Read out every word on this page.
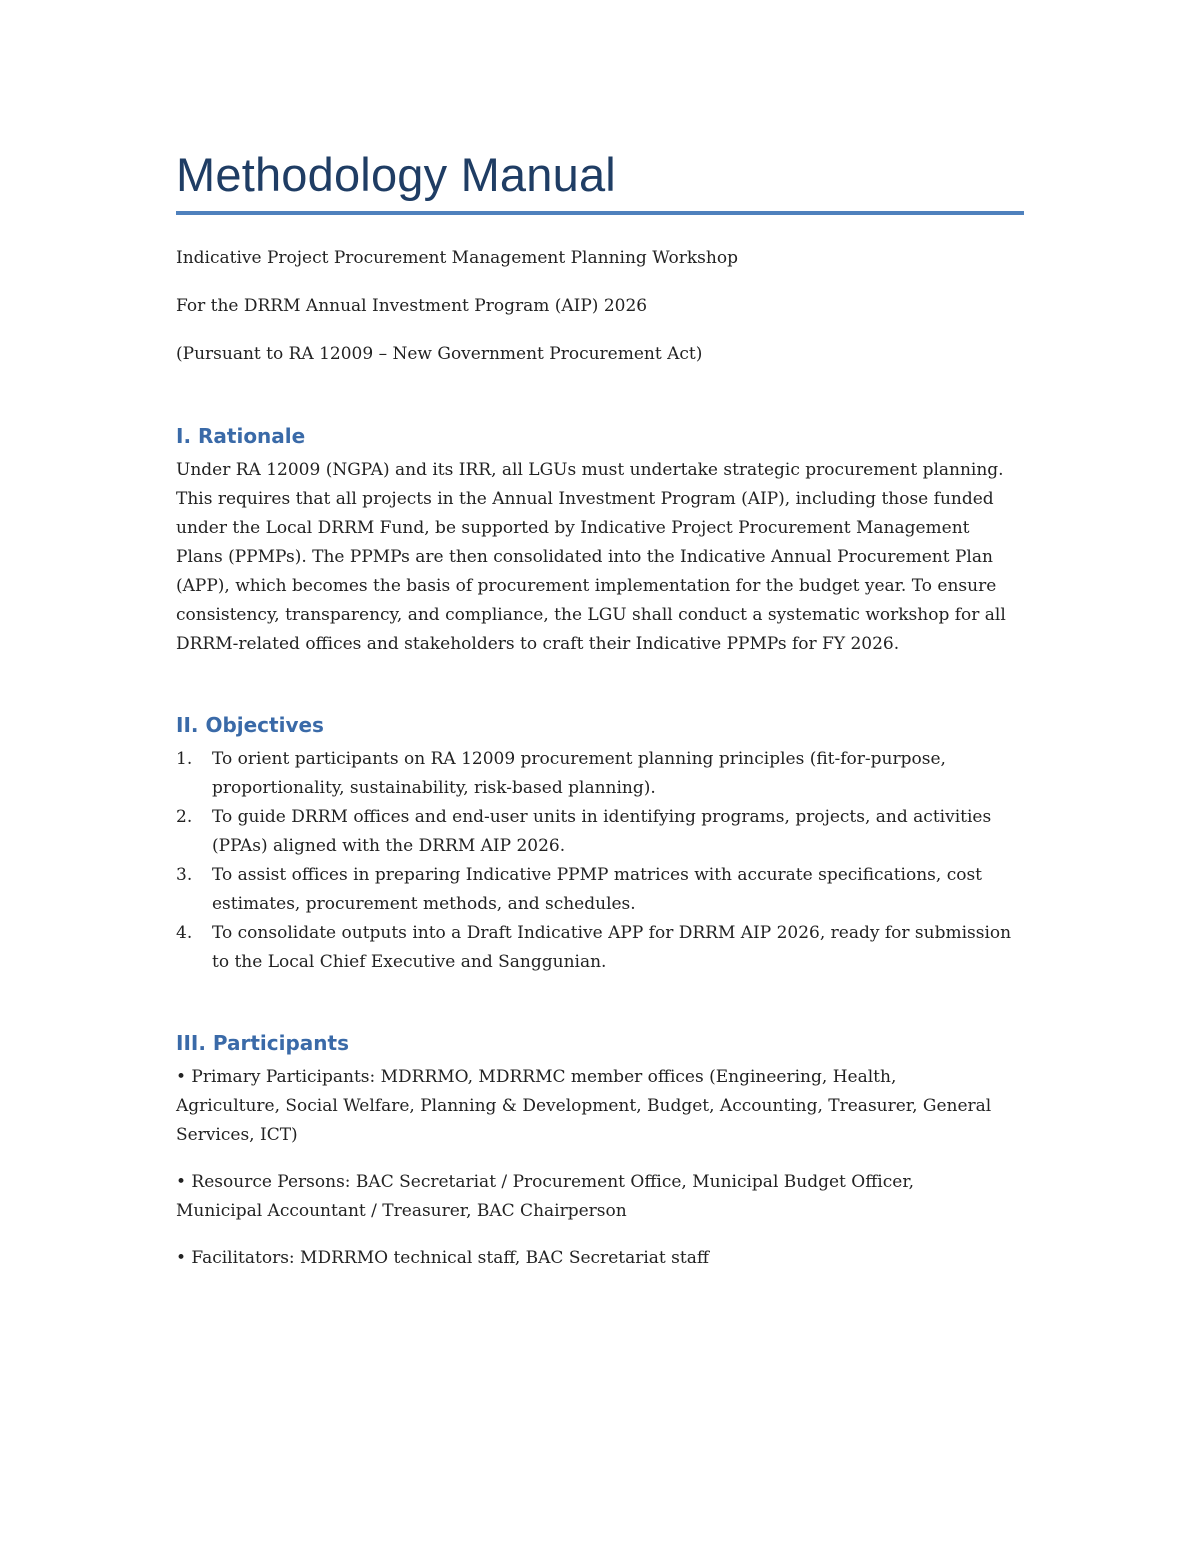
Methodology Manual

Indicative Project Procurement Management Planning Workshop

For the DRRM Annual Investment Program (AIP) 2026

(Pursuant to RA 12009 – New Government Procurement Act)

I. Rationale

Under RA 12009 (NGPA) and its IRR, all LGUs must undertake strategic procurement planning. This requires that all projects in the Annual Investment Program (AIP), including those funded under the Local DRRM Fund, be supported by Indicative Project Procurement Management Plans (PPMPs). The PPMPs are then consolidated into the Indicative Annual Procurement Plan (APP), which becomes the basis of procurement implementation for the budget year. To ensure consistency, transparency, and compliance, the LGU shall conduct a systematic workshop for all DRRM-related offices and stakeholders to craft their Indicative PPMPs for FY 2026.

II. Objectives
1. To orient participants on RA 12009 procurement planning principles (fit-for-purpose, proportionality, sustainability, risk-based planning).
2. To guide DRRM offices and end-user units in identifying programs, projects, and activities (PPAs) aligned with the DRRM AIP 2026.
3. To assist offices in preparing Indicative PPMP matrices with accurate specifications, cost estimates, procurement methods, and schedules.
4. To consolidate outputs into a Draft Indicative APP for DRRM AIP 2026, ready for submission to the Local Chief Executive and Sanggunian.
III. Participants

• Primary Participants: MDRRMO, MDRRMC member offices (Engineering, Health, Agriculture, Social Welfare, Planning & Development, Budget, Accounting, Treasurer, General Services, ICT)

• Resource Persons: BAC Secretariat / Procurement Office, Municipal Budget Officer, Municipal Accountant / Treasurer, BAC Chairperson

• Facilitators: MDRRMO technical staff, BAC Secretariat staff
